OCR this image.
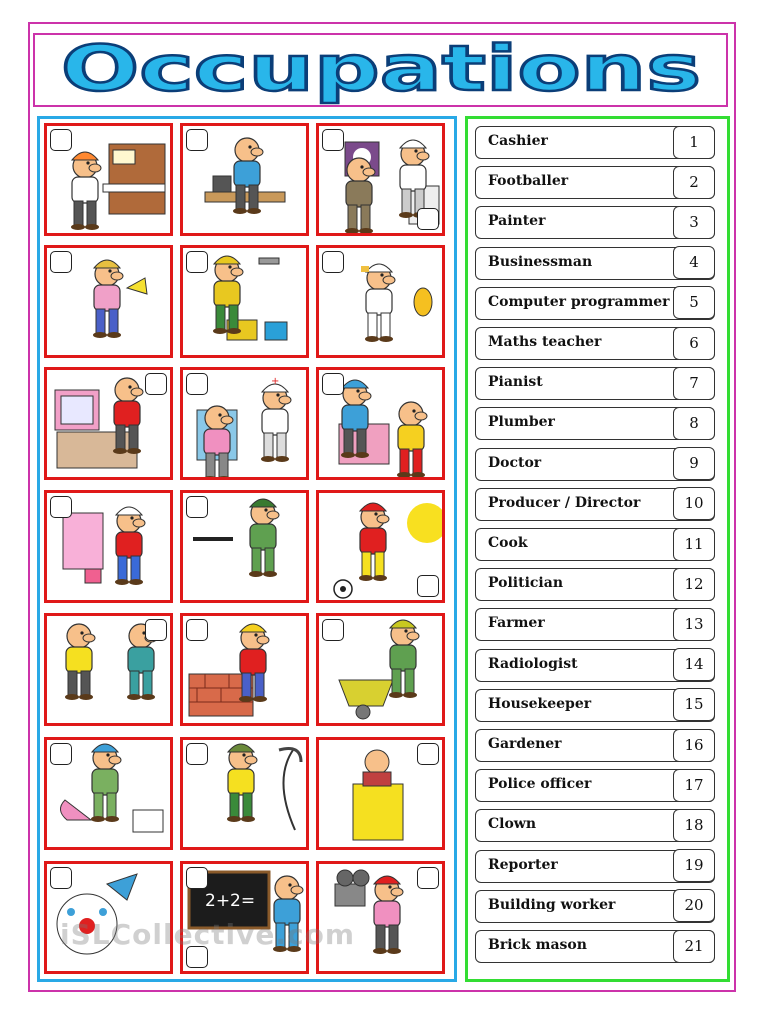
Occupations
+
2+2=
Cashier	1
Footballer	2
Painter	3
Businessman	4
Computer programmer	5
Maths teacher	6
Pianist	7
Plumber	8
Doctor	9
Producer / Director	10
Cook	11
Politician	12
Farmer	13
Radiologist	14
Housekeeper	15
Gardener	16
Police officer	17
Clown	18
Reporter	19
Building worker	20
Brick mason	21
iSLCollective.com
